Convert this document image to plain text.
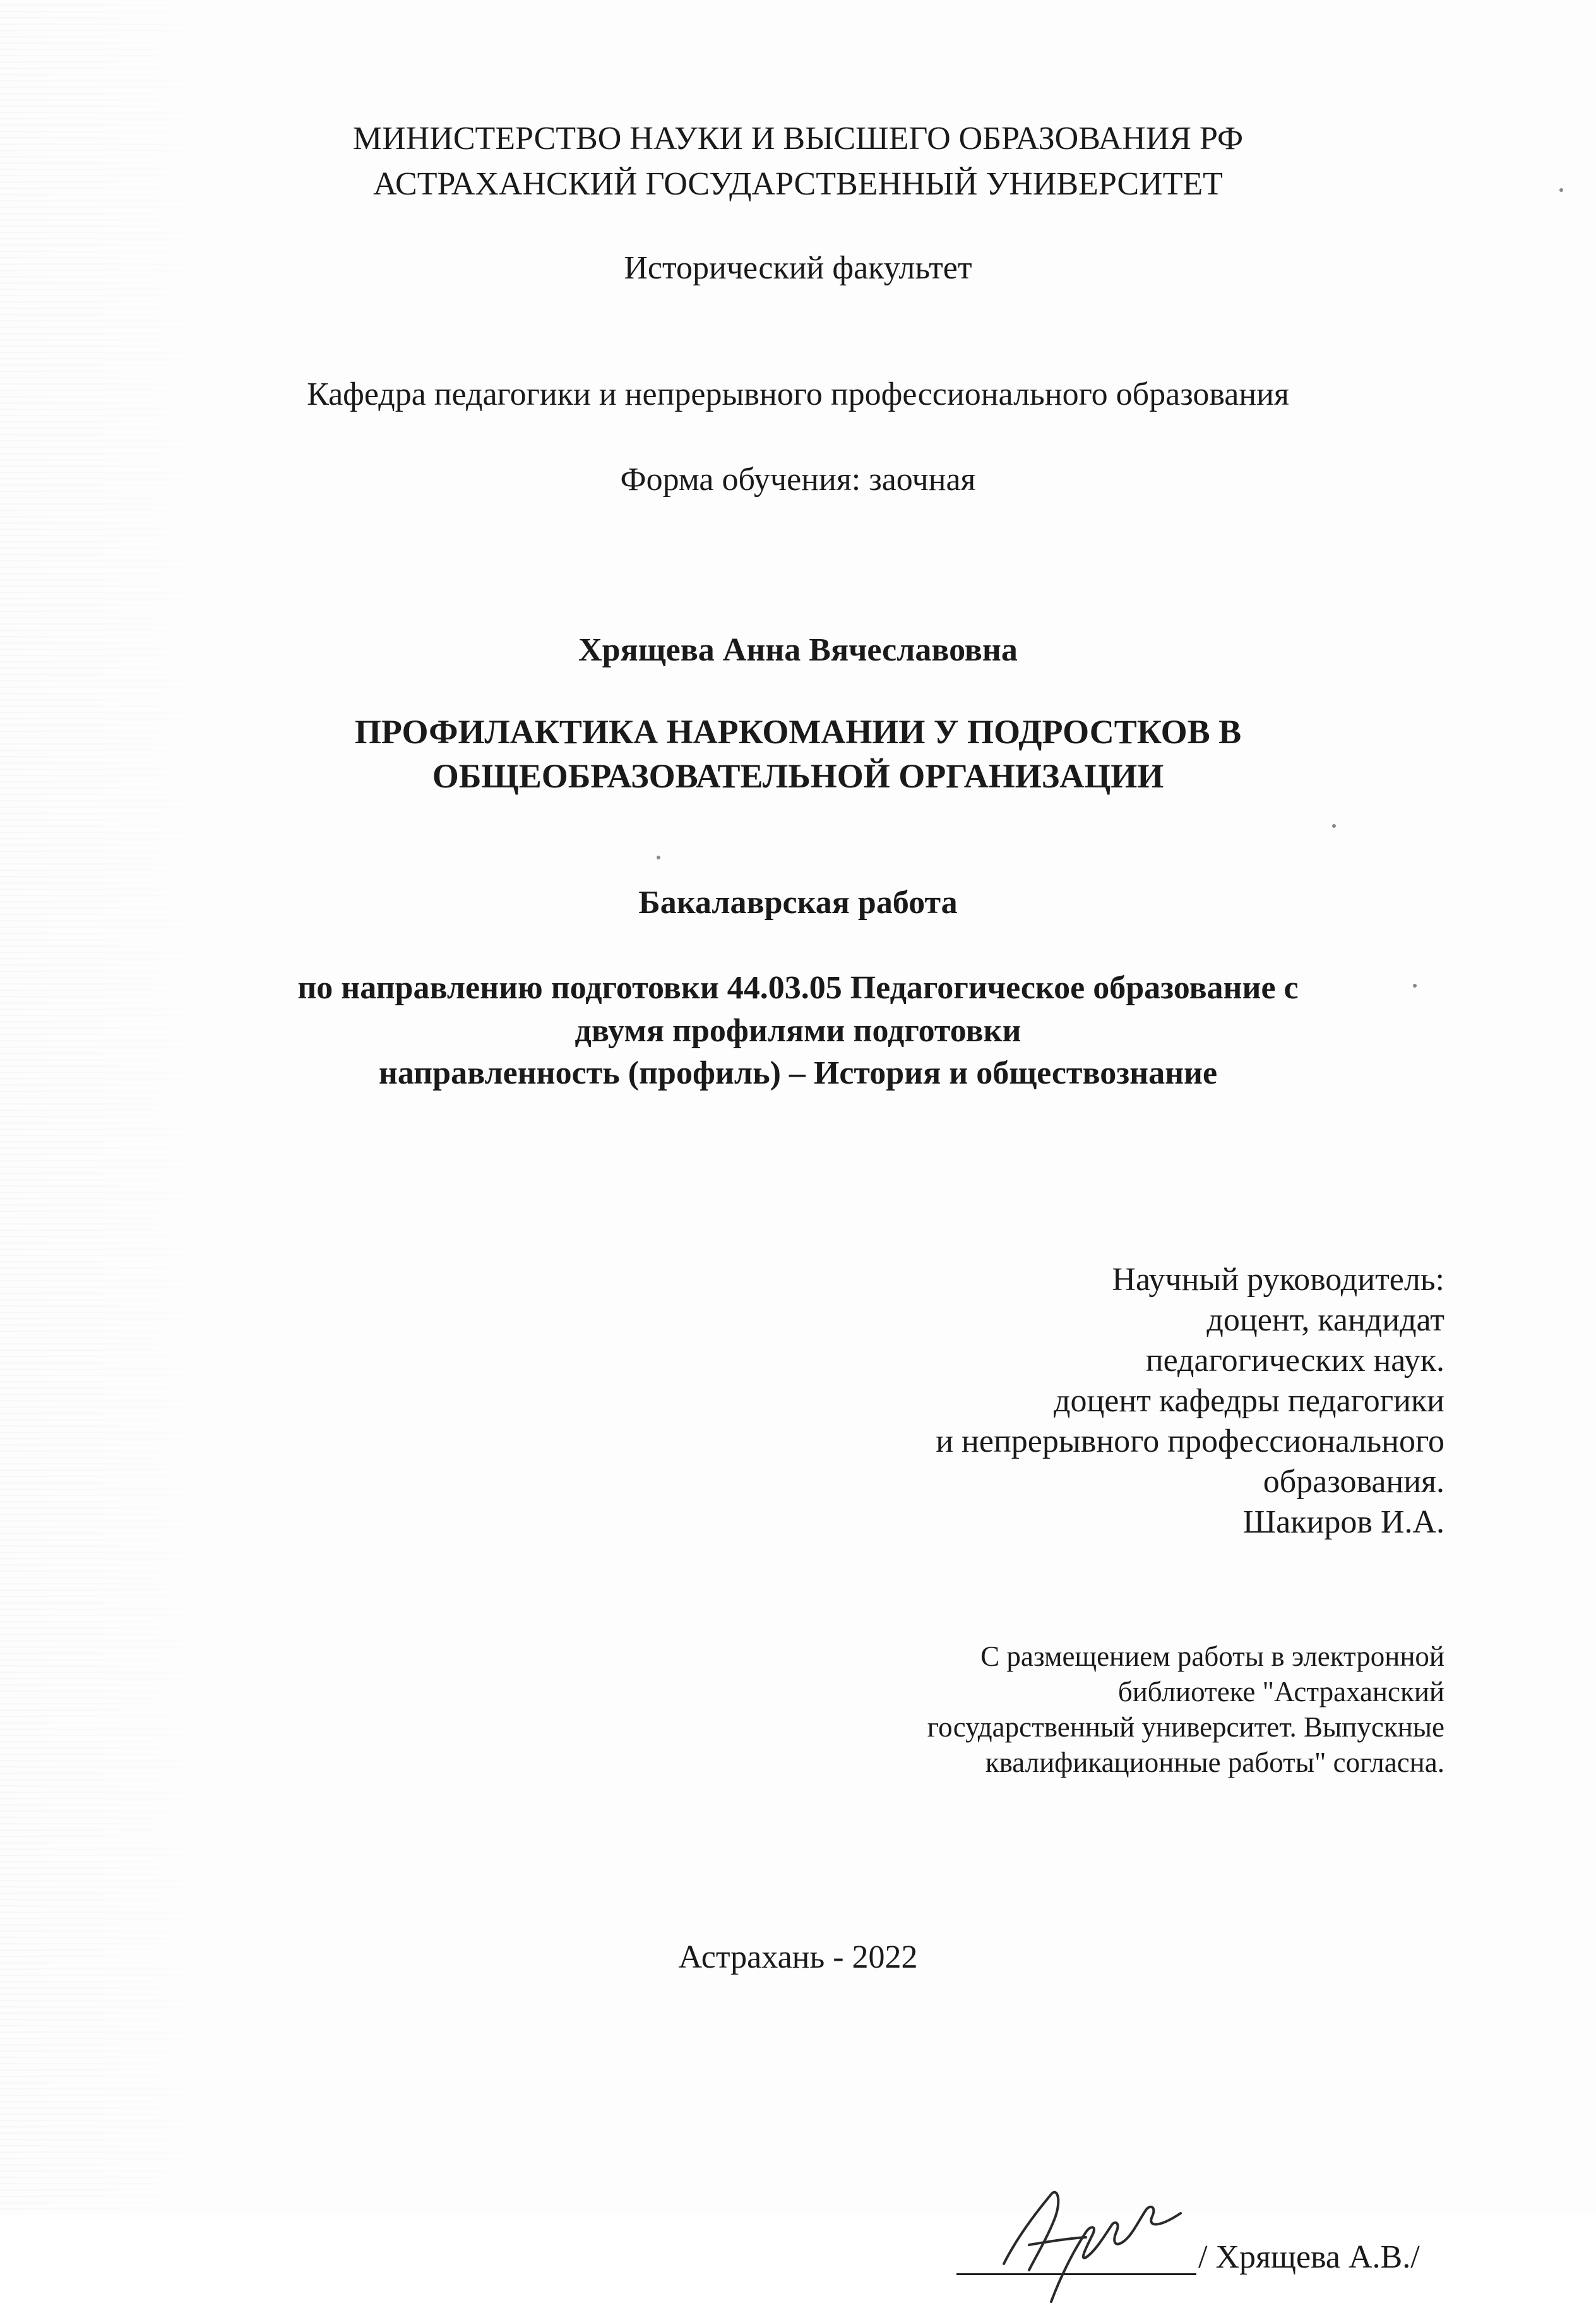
МИНИСТЕРСТВО НАУКИ И ВЫСШЕГО ОБРАЗОВАНИЯ РФ

АСТРАХАНСКИЙ ГОСУДАРСТВЕННЫЙ УНИВЕРСИТЕТ

Исторический факультет

Кафедра педагогики и непрерывного профессионального образования

Форма обучения: заочная

Хрящева Анна Вячеславовна

ПРОФИЛАКТИКА НАРКОМАНИИ У ПОДРОСТКОВ В

ОБЩЕОБРАЗОВАТЕЛЬНОЙ ОРГАНИЗАЦИИ

Бакалаврская работа

по направлению подготовки 44.03.05 Педагогическое образование с

двумя профилями подготовки

направленность (профиль) – История и обществознание

Научный руководитель:

доцент, кандидат

педагогических наук.

доцент кафедры педагогики

и непрерывного профессионального

образования.

Шакиров И.А.

С размещением работы в электронной

библиотеке "Астраханский

государственный университет. Выпускные

квалификационные работы" согласна.

/ Хрящева А.В./
Астрахань - 2022
